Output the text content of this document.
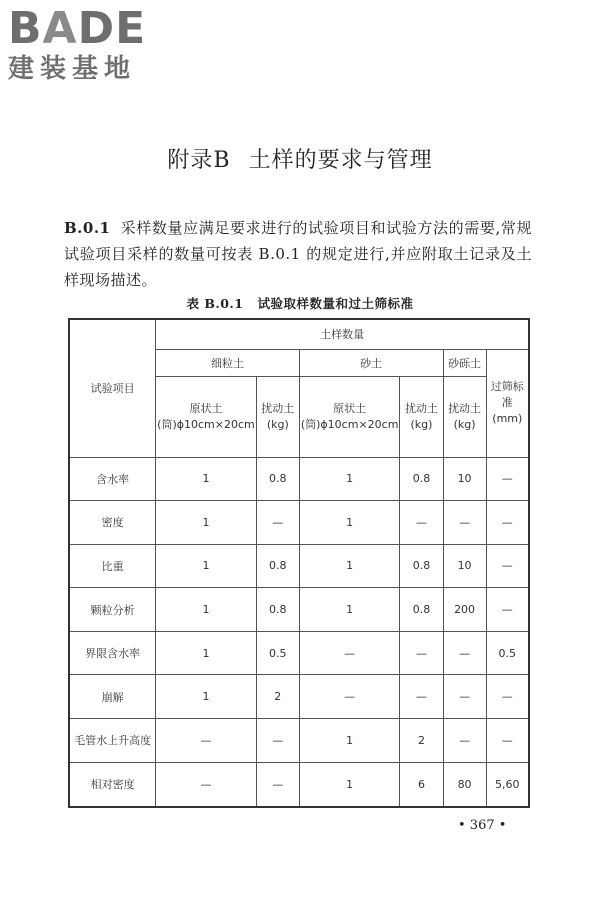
BADE
建装基地
附录B 土样的要求与管理
B.0.1 采样数量应满足要求进行的试验项目和试验方法的需要,常规试验项目采样的数量可按表 B.0.1 的规定进行,并应附取土记录及土样现场描述。
表 B.0.1 试验取样数量和过土筛标准
试验项目	土样数量					
	细粒土		砂土		砂砾土	过筛标准(mm)
	原状土(筒)ϕ10cm×20cm	扰动土(kg)	原状土(筒)ϕ10cm×20cm	扰动土(kg)	扰动土(kg)	
含水率	1	0.8	1	0.8	10	—
密度	1	—	1	—	—	—
比重	1	0.8	1	0.8	10	—
颗粒分析	1	0.8	1	0.8	200	—
界限含水率	1	0.5	—	—	—	0.5
崩解	1	2	—	—	—	—
毛管水上升高度	—	—	1	2	—	—
相对密度	—	—	1	6	80	5,60
• 367 •
